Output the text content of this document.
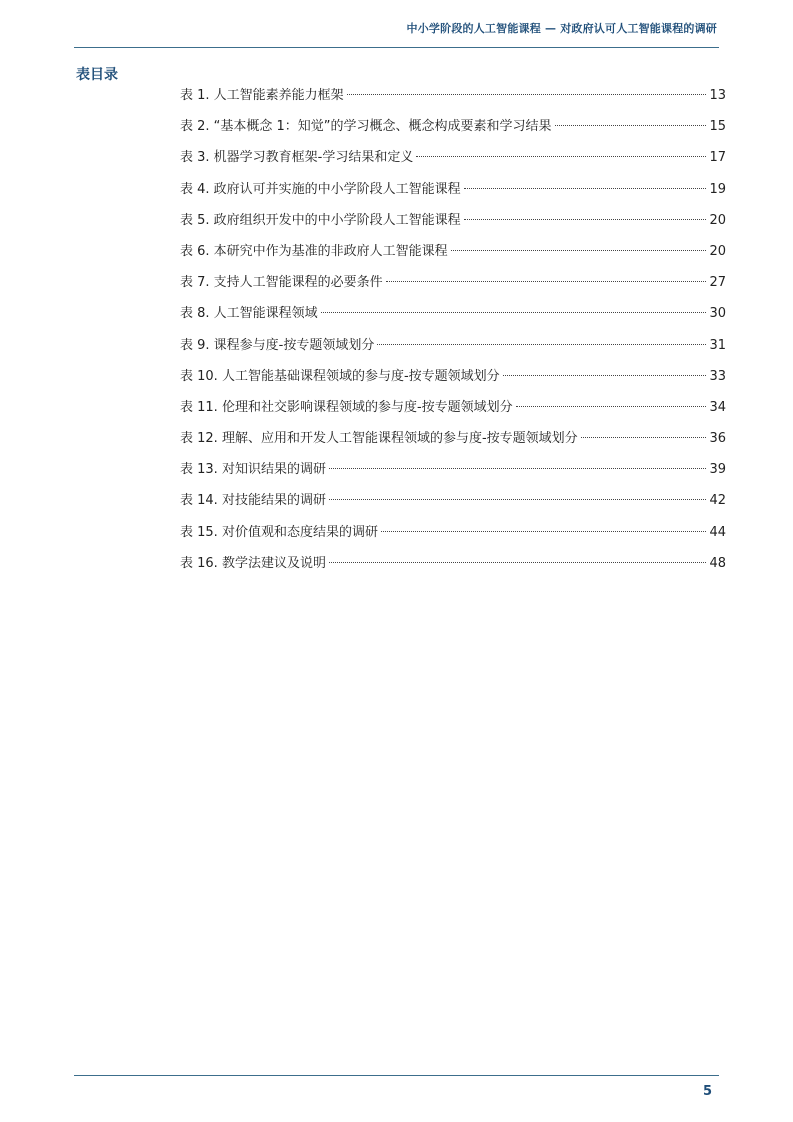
中小学阶段的人工智能课程 — 对政府认可人工智能课程的调研
表目录
表 1. 人工智能素养能力框架	13
表 2. “基本概念 1：知觉”的学习概念、概念构成要素和学习结果	15
表 3. 机器学习教育框架-学习结果和定义	17
表 4. 政府认可并实施的中小学阶段人工智能课程	19
表 5. 政府组织开发中的中小学阶段人工智能课程	20
表 6. 本研究中作为基准的非政府人工智能课程	20
表 7. 支持人工智能课程的必要条件	27
表 8. 人工智能课程领域	30
表 9. 课程参与度-按专题领域划分	31
表 10. 人工智能基础课程领域的参与度-按专题领域划分	33
表 11. 伦理和社交影响课程领域的参与度-按专题领域划分	34
表 12. 理解、应用和开发人工智能课程领域的参与度-按专题领域划分	36
表 13. 对知识结果的调研	39
表 14. 对技能结果的调研	42
表 15. 对价值观和态度结果的调研	44
表 16. 教学法建议及说明	48
5
